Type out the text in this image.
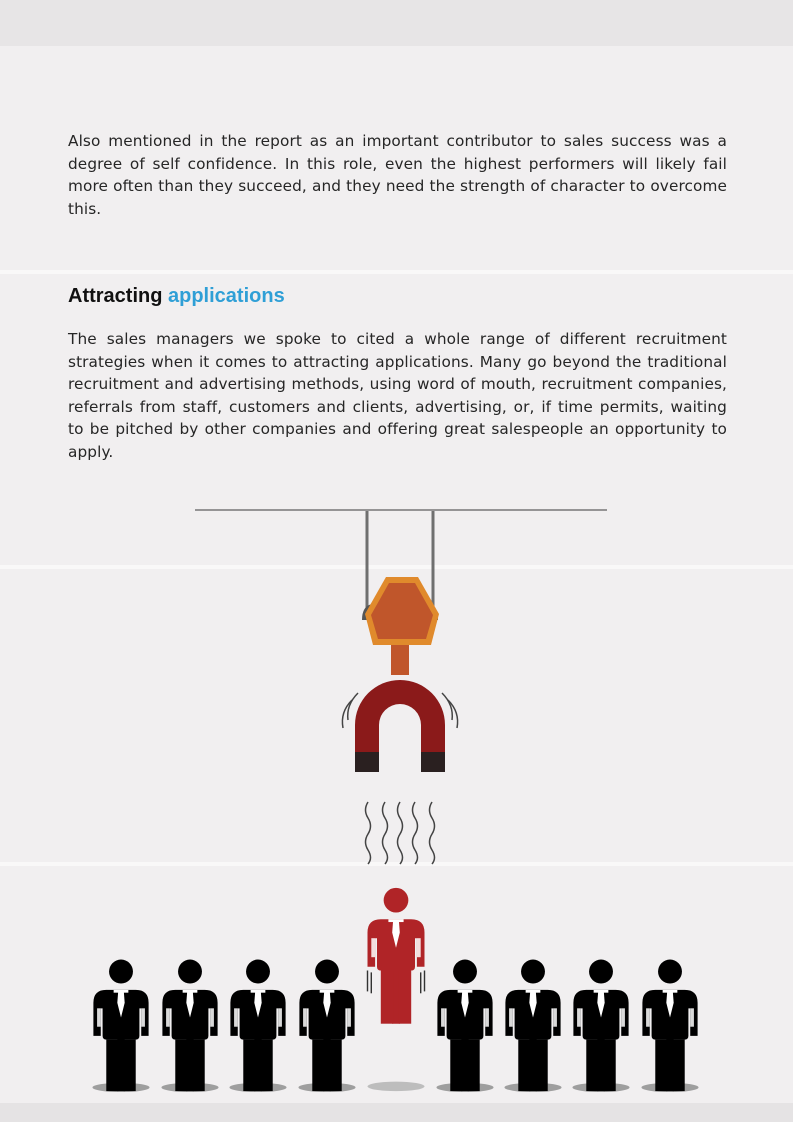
Also mentioned in the report as an important contributor to sales success was a degree of self confidence. In this role, even the highest performers will likely fail more often than they succeed, and they need the strength of character to overcome this.

Attracting applications

The sales managers we spoke to cited a whole range of different recruitment strategies when it comes to attracting applications. Many go beyond the traditional recruitment and advertising methods, using word of mouth, recruitment companies, referrals from staff, customers and clients, advertising, or, if time permits, waiting to be pitched by other companies and offering great salespeople an opportunity to apply.
